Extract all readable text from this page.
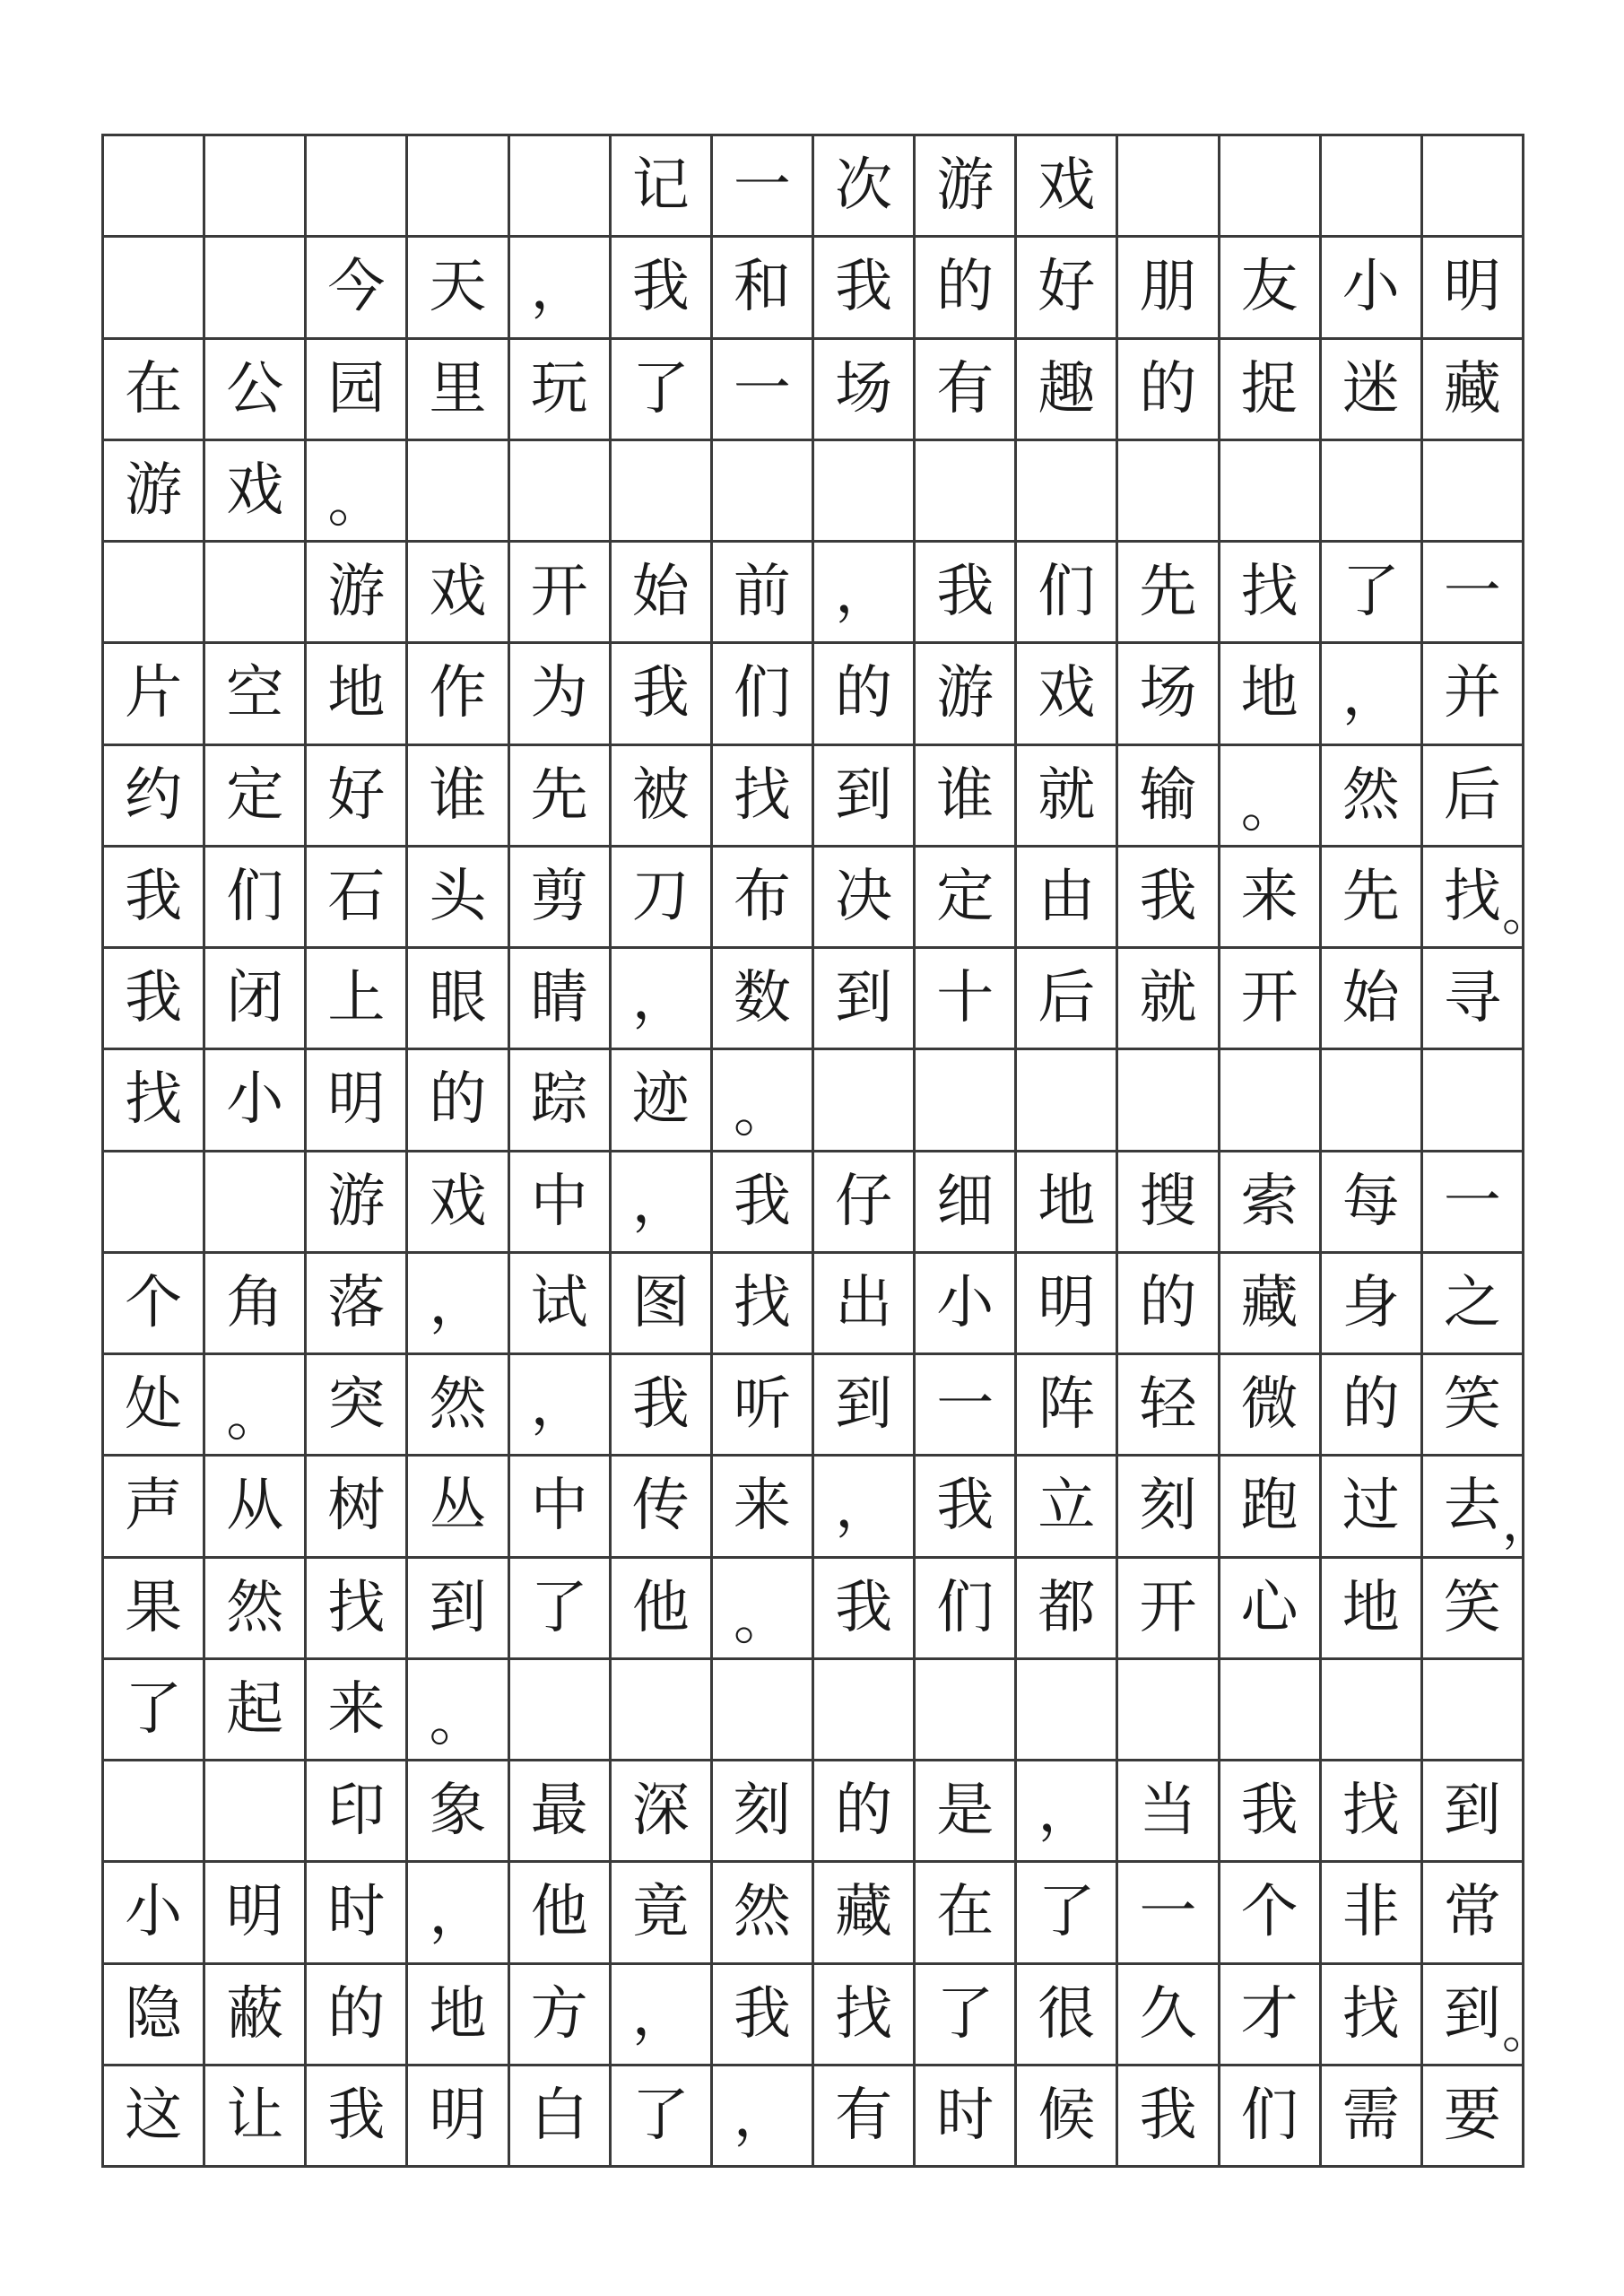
记 一 次 游 戏
今 天 ， 我 和 我 的 好 朋 友 小 明
在 公 园 里 玩 了 一 场 有 趣 的 捉 迷 藏
游 戏 。
游 戏 开 始 前 ， 我 们 先 找 了 一
片 空 地 作 为 我 们 的 游 戏 场 地 ， 并
约 定 好 谁 先 被 找 到 谁 就 输 。 然 后
我 们 石 头 剪 刀 布 决 定 由 我 来 先 找 。
我 闭 上 眼 睛 ， 数 到 十 后 就 开 始 寻
找 小 明 的 踪 迹 。
游 戏 中 ， 我 仔 细 地 搜 索 每 一
个 角 落 ， 试 图 找 出 小 明 的 藏 身 之
处 。 突 然 ， 我 听 到 一 阵 轻 微 的 笑
声 从 树 丛 中 传 来 ， 我 立 刻 跑 过 去 ，
果 然 找 到 了 他 。 我 们 都 开 心 地 笑
了 起 来 。
印 象 最 深 刻 的 是 ， 当 我 找 到
小 明 时 ， 他 竟 然 藏 在 了 一 个 非 常
隐 蔽 的 地 方 ， 我 找 了 很 久 才 找 到 。
这 让 我 明 白 了 ， 有 时 候 我 们 需 要
